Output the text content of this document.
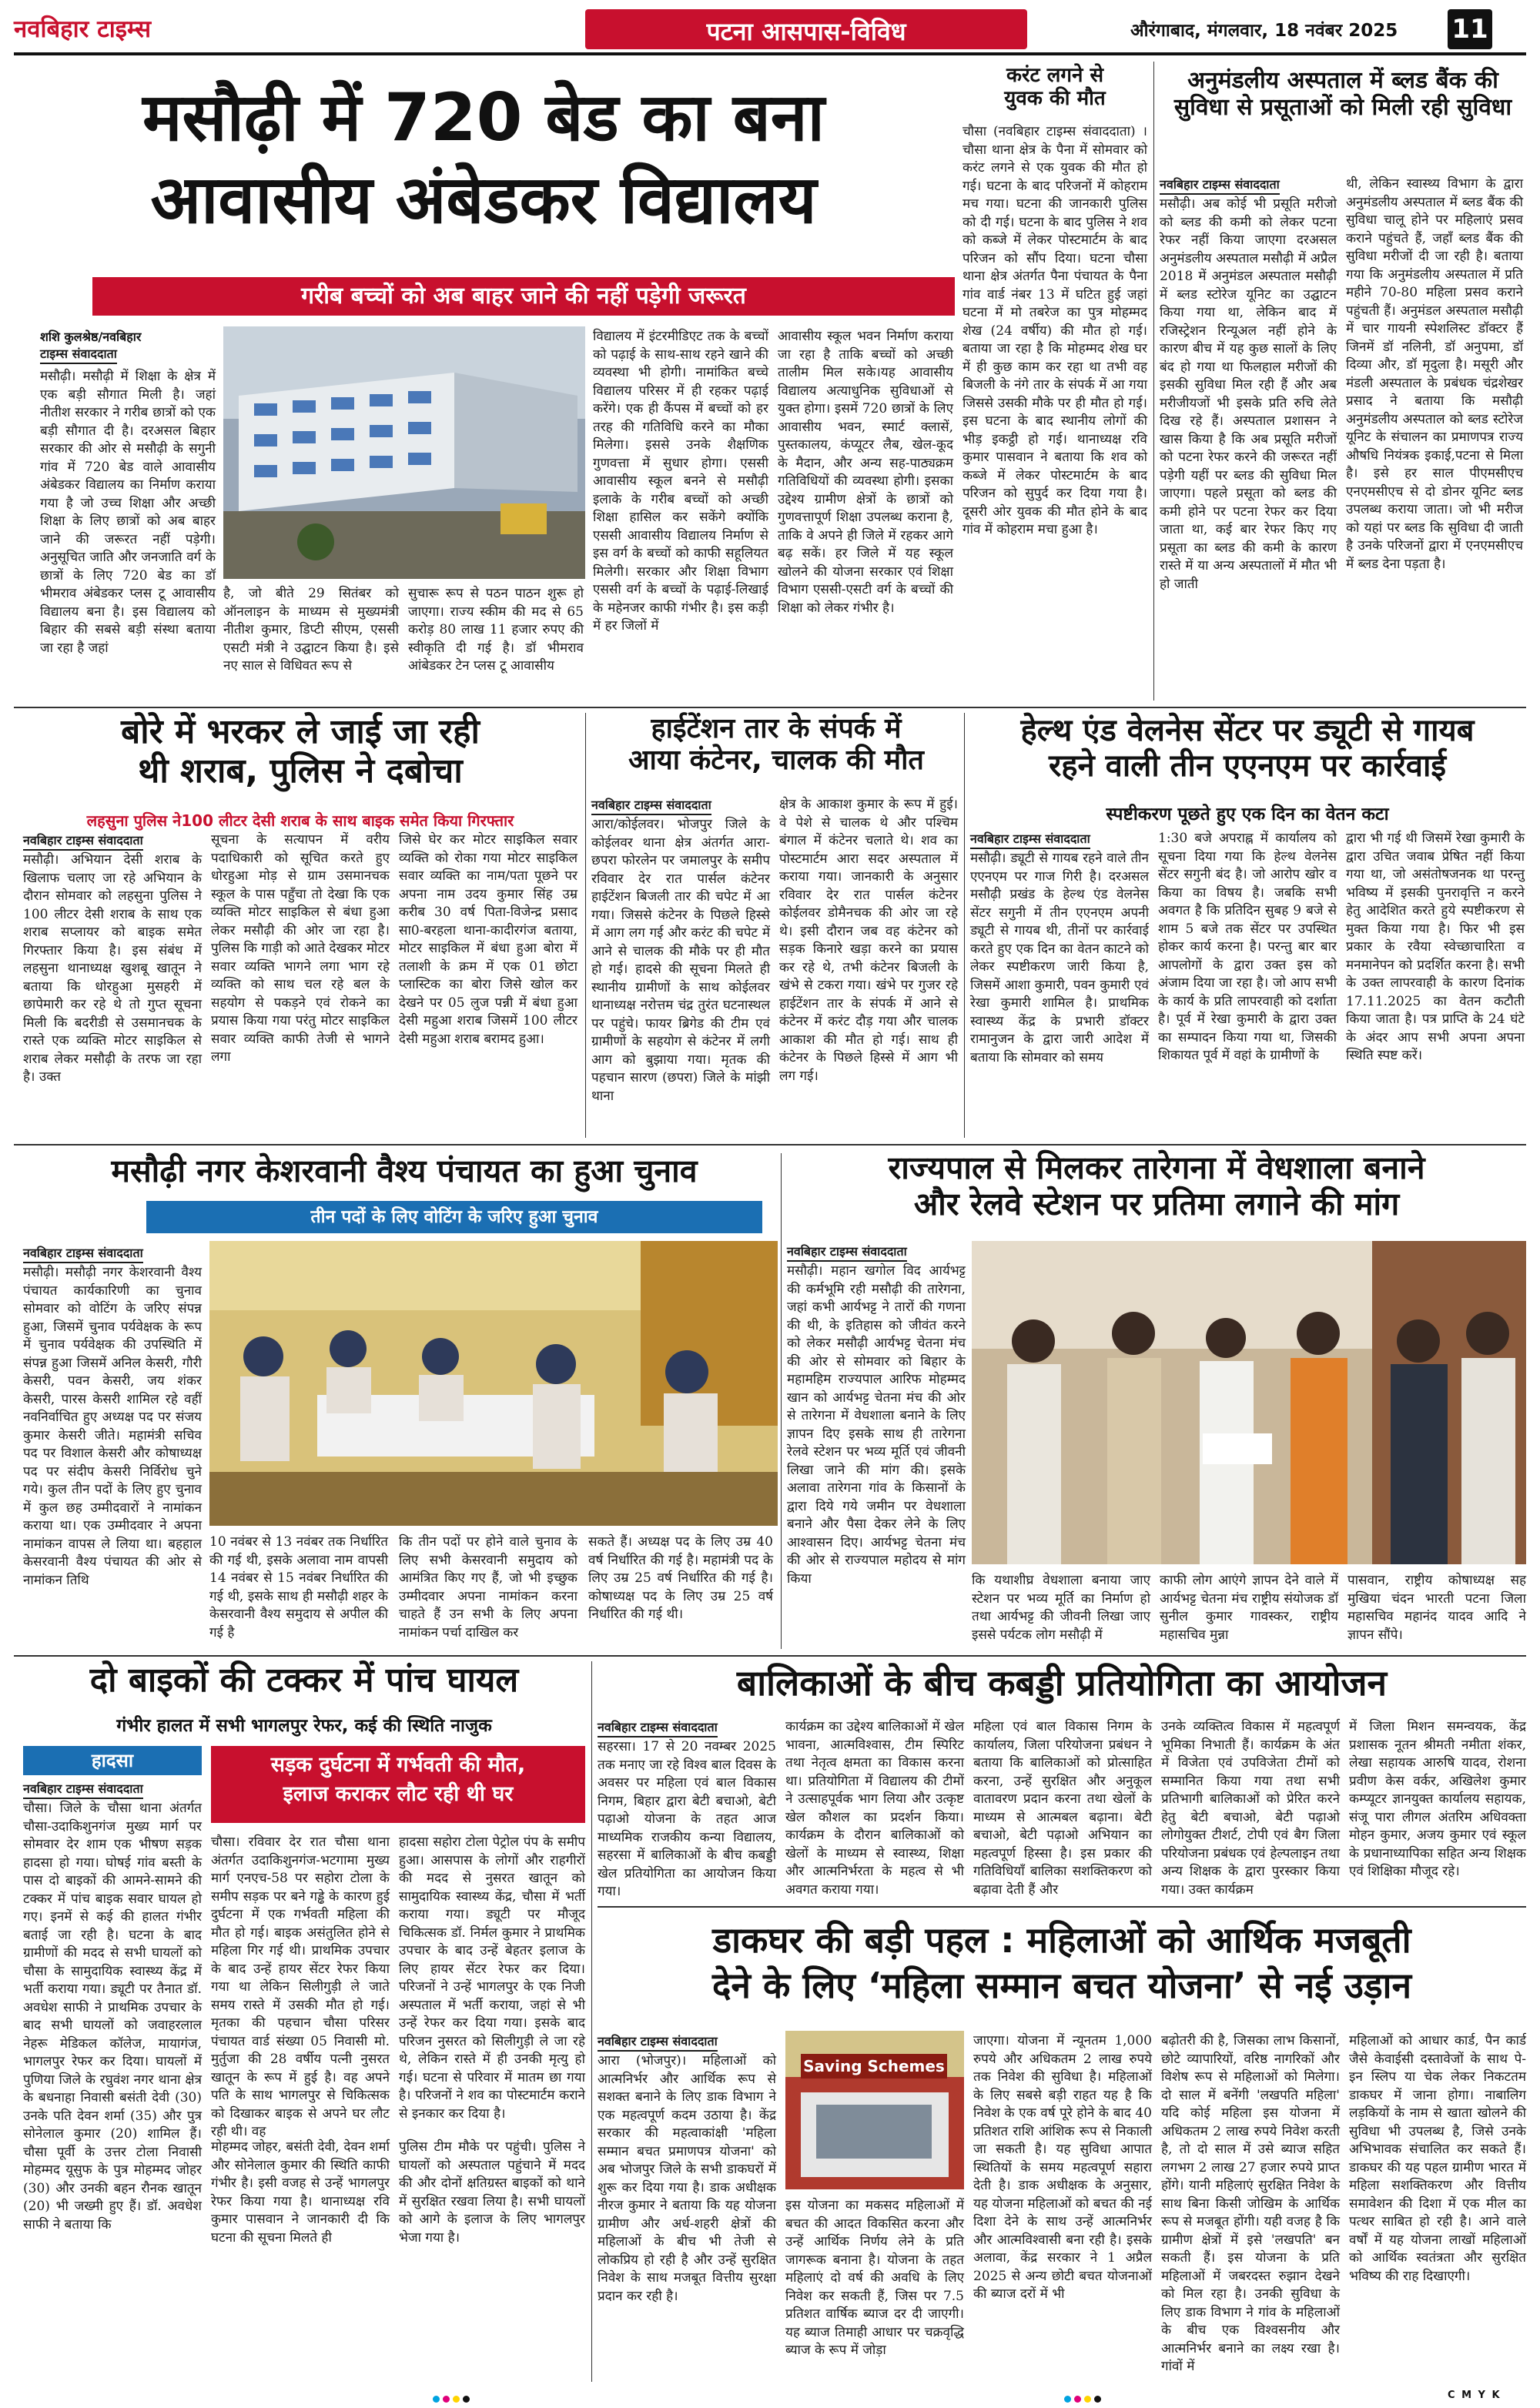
नवबिहार टाइम्स	पटना आसपास-विविध	औरंगाबाद, मंगलवार, 18 नवंबर 2025 11
मसौढ़ी में 720 बेड का बना
आवासीय अंबेडकर विद्यालय
गरीब बच्चों को अब बाहर जाने की नहीं पड़ेगी जरूरत
शशि कुलश्रेष्ठ/नवबिहार
टाइम्स संवाददाता
मसौढ़ी। मसौढ़ी में शिक्षा के क्षेत्र में एक बड़ी सौगात मिली है। जहां नीतीश सरकार ने गरीब छात्रों को एक बड़ी सौगात दी है। दरअसल बिहार सरकार की ओर से मसौढ़ी के सगुनी गांव में 720 बेड वाले आवासीय अंबेडकर विद्यालय का निर्माण कराया गया है जो उच्च शिक्षा और अच्छी शिक्षा के लिए छात्रों को अब बाहर जाने की जरूरत नहीं पड़ेगी। अनुसूचित जाति और जनजाति वर्ग के छात्रों के लिए 720 बेड का डॉ भीमराव अंबेडकर प्लस टू आवासीय विद्यालय बना है। इस विद्यालय को बिहार की सबसे बड़ी संस्था बताया जा रहा है जहां
है, जो बीते 29 सितंबर को ऑनलाइन के माध्यम से मुख्यमंत्री नीतीश कुमार, डिप्टी सीएम, एससी एसटी मंत्री ने उद्घाटन किया है। इसे नए साल से विधिवत रूप से
सुचारू रूप से पठन पाठन शुरू हो जाएगा। राज्य स्कीम की मद से 65 करोड़ 80 लाख 11 हजार रुपए की स्वीकृति दी गई है। डॉ भीमराव आंबेडकर टेन प्लस टू आवासीय
विद्यालय में इंटरमीडिएट तक के बच्चों को पढ़ाई के साथ-साथ रहने खाने की व्यवस्था भी होगी। नामांकित बच्चे विद्यालय परिसर में ही रहकर पढ़ाई करेंगे। एक ही कैंपस में बच्चों को हर तरह की गतिविधि करने का मौका मिलेगा। इससे उनके शैक्षणिक गुणवत्ता में सुधार होगा। एससी आवासीय स्कूल बनने से मसौढ़ी इलाके के गरीब बच्चों को अच्छी शिक्षा हासिल कर सकेंगे क्योंकि एससी आवासीय विद्यालय निर्माण से इस वर्ग के बच्चों को काफी सहूलियत मिलेगी। सरकार और शिक्षा विभाग एससी वर्ग के बच्चों के पढ़ाई-लिखाई के महेनजर काफी गंभीर है। इस कड़ी में हर जिलों में
आवासीय स्कूल भवन निर्माण कराया जा रहा है ताकि बच्चों को अच्छी तालीम मिल सके।यह आवासीय विद्यालय अत्याधुनिक सुविधाओं से युक्त होगा। इसमें 720 छात्रों के लिए आवासीय भवन, स्मार्ट क्लासें, पुस्तकालय, कंप्यूटर लैब, खेल-कूद के मैदान, और अन्य सह-पाठ्यक्रम गतिविधियों की व्यवस्था होगी। इसका उद्देश्य ग्रामीण क्षेत्रों के छात्रों को गुणवत्तापूर्ण शिक्षा उपलब्ध कराना है, ताकि वे अपने ही जिले में रहकर आगे बढ़ सकें। हर जिले में यह स्कूल खोलने की योजना सरकार एवं शिक्षा विभाग एससी-एसटी वर्ग के बच्चों की शिक्षा को लेकर गंभीर है।
करंट लगने से
युवक की मौत
चौसा (नवबिहार टाइम्स संवाददाता) । चौसा थाना क्षेत्र के पैना में सोमवार को करंट लगने से एक युवक की मौत हो गई। घटना के बाद परिजनों में कोहराम मच गया। घटना की जानकारी पुलिस को दी गई। घटना के बाद पुलिस ने शव को कब्जे में लेकर पोस्टमार्टम के बाद परिजन को सौंप दिया। घटना चौसा थाना क्षेत्र अंतर्गत पैना पंचायत के पैना गांव वार्ड नंबर 13 में घटित हुई जहां घटना में मो तबरेज का पुत्र मोहम्मद शेख (24 वर्षीय) की मौत हो गई। बताया जा रहा है कि मोहम्मद शेख घर में ही कुछ काम कर रहा था तभी वह बिजली के नंगे तार के संपर्क में आ गया जिससे उसकी मौके पर ही मौत हो गई। इस घटना के बाद स्थानीय लोगों की भीड़ इकट्ठी हो गई। थानाध्यक्ष रवि कुमार पासवान ने बताया कि शव को कब्जे में लेकर पोस्टमार्टम के बाद परिजन को सुपुर्द कर दिया गया है। दूसरी ओर युवक की मौत होने के बाद गांव में कोहराम मचा हुआ है।
अनुमंडलीय अस्पताल में ब्लड बैंक की
सुविधा से प्रसूताओं को मिली रही सुविधा
नवबिहार टाइम्स संवाददाता
मसौढ़ी। अब कोई भी प्रसूति मरीजो को ब्लड की कमी को लेकर पटना रेफर नहीं किया जाएगा दरअसल अनुमंडलीय अस्पताल मसौढ़ी में अप्रैल 2018 में अनुमंडल अस्पताल मसौढ़ी में ब्लड स्टोरेज यूनिट का उद्घाटन किया गया था, लेकिन बाद में रजिस्ट्रेशन रिन्यूअल नहीं होने के कारण बीच में यह कुछ सालों के लिए बंद हो गया था फिलहाल मरीजों की इसकी सुविधा मिल रही हैं और अब मरीजीयजों भी इसके प्रति रुचि लेते दिख रहे हैं। अस्पताल प्रशासन ने खास किया है कि अब प्रसूति मरीजों को पटना रेफर करने की जरूरत नहीं पड़ेगी यहीं पर ब्लड की सुविधा मिल जाएगा। पहले प्रसूता को ब्लड की कमी होने पर पटना रेफर कर दिया जाता था, कई बार रेफर किए गए प्रसूता का ब्लड की कमी के कारण रास्ते में या अन्य अस्पतालों में मौत भी हो जाती
थी, लेकिन स्वास्थ्य विभाग के द्वारा अनुमंडलीय अस्पताल में ब्लड बैंक की सुविधा चालू होने पर महिलाएं प्रसव कराने पहुंचते हैं, जहाँ ब्लड बैंक की सुविधा मरीजों दी जा रही है। बताया गया कि अनुमंडलीय अस्पताल में प्रति महीने 70-80 महिला प्रसव कराने पहुंचती हैं। अनुमंडल अस्पताल मसौढ़ी में चार गायनी स्पेशलिस्ट डॉक्टर हैं जिनमें डॉ नलिनी, डॉ अनुपमा, डॉ दिव्या और, डॉ मृदुला है। मसूरी और मंडली अस्पताल के प्रबंधक चंद्रशेखर प्रसाद ने बताया कि मसौढ़ी अनुमंडलीय अस्पताल को ब्लड स्टोरेज यूनिट के संचालन का प्रमाणपत्र राज्य औषधि नियंत्रक इकाई,पटना से मिला है। इसे हर साल पीएमसीएच एनएमसीएच से दो डोनर यूनिट ब्लड उपलब्ध कराया जाता। जो भी मरीज को यहां पर ब्लड कि सुविधा दी जाती है उनके परिजनों द्वारा में एनएमसीएच में ब्लड देना पड़ता है।
बोरे में भरकर ले जाई जा रही
थी शराब, पुलिस ने दबोचा
लहसुना पुलिस ने100 लीटर देसी शराब के साथ बाइक समेत किया गिरफ्तार
नवबिहार टाइम्स संवाददाता
मसौढ़ी। अभियान देसी शराब के खिलाफ चलाए जा रहे अभियान के दौरान सोमवार को लहसुना पुलिस ने 100 लीटर देसी शराब के साथ एक शराब सप्लायर को बाइक समेत गिरफ्तार किया है। इस संबंध में लहसुना थानाध्यक्ष खुशबू खातून ने बताया कि धोरहुआ मुसहरी में छापेमारी कर रहे थे तो गुप्त सूचना मिली कि बदरीडी से उसमानचक के रास्ते एक व्यक्ति मोटर साइकिल से शराब लेकर मसौढ़ी के तरफ जा रहा है। उक्त
सूचना के सत्यापन में वरीय पदाधिकारी को सूचित करते हुए धोरहुआ मोड़ से ग्राम उसमानचक स्कूल के पास पहुँचा तो देखा कि एक व्यक्ति मोटर साइकिल से बंधा हुआ लेकर मसौढ़ी की ओर जा रहा है। पुलिस कि गाड़ी को आते देखकर मोटर सवार व्यक्ति भागने लगा भाग रहे व्यक्ति को साथ चल रहे बल के सहयोग से पकड़ने एवं रोकने का प्रयास किया गया परंतु मोटर साइकिल सवार व्यक्ति काफी तेजी से भागने लगा
जिसे घेर कर मोटर साइकिल सवार व्यक्ति को रोका गया मोटर साइकिल सवार व्यक्ति का नाम/पता पूछने पर अपना नाम उदय कुमार सिंह उम्र करीब 30 वर्ष पिता-विजेन्द्र प्रसाद सा0-बरहला थाना-कादीरगंज बताया, मोटर साइकिल में बंधा हुआ बोरा में तलाशी के क्रम में एक 01 छोटा प्लास्टिक का बोरा जिसे खोल कर देखने पर 05 लुज पन्नी में बंधा हुआ देसी महुआ शराब जिसमें 100 लीटर देसी महुआ शराब बरामद हुआ।
हाईटेंशन तार के संपर्क में
आया कंटेनर, चालक की मौत
नवबिहार टाइम्स संवाददाता
आरा/कोईलवर। भोजपुर जिले के कोईलवर थाना क्षेत्र अंतर्गत आरा-छपरा फोरलेन पर जमालपुर के समीप रविवार देर रात पार्सल कंटेनर हाईटेंशन बिजली तार की चपेट में आ गया। जिससे कंटेनर के पिछले हिस्से में आग लग गई और करंट की चपेट में आने से चालक की मौके पर ही मौत हो गई। हादसे की सूचना मिलते ही स्थानीय ग्रामीणों के साथ कोईलवर थानाध्यक्ष नरोत्तम चंद्र तुरंत घटनास्थल पर पहुंचे। फायर ब्रिगेड की टीम एवं ग्रामीणों के सहयोग से कंटेनर में लगी आग को बुझाया गया। मृतक की पहचान सारण (छपरा) जिले के मांझी थाना
क्षेत्र के आकाश कुमार के रूप में हुई। वे पेशे से चालक थे और पश्चिम बंगाल में कंटेनर चलाते थे। शव का पोस्टमार्टम आरा सदर अस्पताल में कराया गया। जानकारी के अनुसार रविवार देर रात पार्सल कंटेनर कोईलवर डोमैनचक की ओर जा रहे थे। इसी दौरान जब वह कंटेनर को सड़क किनारे खड़ा करने का प्रयास कर रहे थे, तभी कंटेनर बिजली के खंभे से टकरा गया। खंभे पर गुजर रहे हाईटेंशन तार के संपर्क में आने से कंटेनर में करंट दौड़ गया और चालक आकाश की मौत हो गई। साथ ही कंटेनर के पिछले हिस्से में आग भी लग गई।
हेल्थ एंड वेलनेस सेंटर पर ड्यूटी से गायब
रहने वाली तीन एएनएम पर कार्रवाई
स्पष्टीकरण पूछते हुए एक दिन का वेतन कटा
नवबिहार टाइम्स संवाददाता
मसौढ़ी। ड्यूटी से गायब रहने वाले तीन एएनएम पर गाज गिरी है। दरअसल मसौढ़ी प्रखंड के हेल्थ एंड वेलनेस सेंटर सगुनी में तीन एएनएम अपनी ड्यूटी से गायब थी, तीनों पर कार्रवाई करते हुए एक दिन का वेतन काटने को लेकर स्पष्टीकरण जारी किया है, जिसमें आशा कुमारी, पवन कुमारी एवं रेखा कुमारी शामिल है। प्राथमिक स्वास्थ्य केंद्र के प्रभारी डॉक्टर रामानुजन के द्वारा जारी आदेश में बताया कि सोमवार को समय
1:30 बजे अपराह्न में कार्यालय को सूचना दिया गया कि हेल्थ वेलनेस सेंटर सगुनी बंद है। जो आरोप खोर व किया का विषय है। जबकि सभी अवगत है कि प्रतिदिन सुबह 9 बजे से शाम 5 बजे तक सेंटर पर उपस्थित होकर कार्य करना है। परन्तु बार बार आपलोगों के द्वारा उक्त इस को अंजाम दिया जा रहा है। जो आप सभी के कार्य के प्रति लापरवाही को दर्शाता है। पूर्व में रेखा कुमारी के द्वारा उक्त का सम्पादन किया गया था, जिसकी शिकायत पूर्व में वहां के ग्रामीणों के
द्वारा भी गई थी जिसमें रेखा कुमारी के द्वारा उचित जवाब प्रेषित नहीं किया गया था, जो असंतोषजनक था परन्तु भविष्य में इसकी पुनरावृत्ति न करने हेतु आदेशित करते हुये स्पष्टीकरण से मुक्त किया गया है। फिर भी इस प्रकार के रवैया स्वेच्छाचारिता व मनमानेपन को प्रदर्शित करना है। सभी के उक्त लापरवाही के कारण दिनांक 17.11.2025 का वेतन कटौती किया जाता है। पत्र प्राप्ति के 24 घंटे के अंदर आप सभी अपना अपना स्थिति स्पष्ट करें।
मसौढ़ी नगर केशरवानी वैश्य पंचायत का हुआ चुनाव
तीन पदों के लिए वोटिंग के जरिए हुआ चुनाव
नवबिहार टाइम्स संवाददाता
मसौढ़ी। मसौढ़ी नगर केशरवानी वैश्य पंचायत कार्यकारिणी का चुनाव सोमवार को वोटिंग के जरिए संपन्न हुआ, जिसमें चुनाव पर्यवेक्षक के रूप में चुनाव पर्यवेक्षक की उपस्थिति में संपन्न हुआ जिसमें अनिल केसरी, गौरी केसरी, पवन केसरी, जय शंकर केसरी, पारस केसरी शामिल रहे वहीं नवनिर्वाचित हुए अध्यक्ष पद पर संजय कुमार केसरी जीते। महामंत्री सचिव पद पर विशाल केसरी और कोषाध्यक्ष पद पर संदीप केसरी निर्विरोध चुने गये। कुल तीन पदों के लिए हुए चुनाव में कुल छह उम्मीदवारों ने नामांकन कराया था। एक उम्मीदवार ने अपना नामांकन वापस ले लिया था। बहहाल केसरवानी वैश्य पंचायत की ओर से नामांकन तिथि
10 नवंबर से 13 नवंबर तक निर्धारित की गई थी, इसके अलावा नाम वापसी 14 नवंबर से 15 नवंबर निर्धारित की गई थी, इसके साथ ही मसौढ़ी शहर के केसरवानी वैश्य समुदाय से अपील की गई है
कि तीन पदों पर होने वाले चुनाव के लिए सभी केसरवानी समुदाय को आमंत्रित किए गए हैं, जो भी इच्छुक उम्मीदवार अपना नामांकन करना चाहते हैं उन सभी के लिए अपना नामांकन पर्चा दाखिल कर
सकते हैं। अध्यक्ष पद के लिए उम्र 40 वर्ष निर्धारित की गई है। महामंत्री पद के लिए उम्र 25 वर्ष निर्धारित की गई है। कोषाध्यक्ष पद के लिए उम्र 25 वर्ष निर्धारित की गई थी।
राज्यपाल से मिलकर तारेगना में वेधशाला बनाने
और रेलवे स्टेशन पर प्रतिमा लगाने की मांग
नवबिहार टाइम्स संवाददाता
मसौढ़ी। महान खगोल विद आर्यभट्ट की कर्मभूमि रही मसौढ़ी की तारेगना, जहां कभी आर्यभट्ट ने तारों की गणना की थी, के इतिहास को जीवंत करने को लेकर मसौढ़ी आर्यभट्ट चेतना मंच की ओर से सोमवार को बिहार के महामहिम राज्यपाल आरिफ मोहम्मद खान को आर्यभट्ट चेतना मंच की ओर से तारेगना में वेधशाला बनाने के लिए ज्ञापन दिए इसके साथ ही तारेगना रेलवे स्टेशन पर भव्य मूर्ति एवं जीवनी लिखा जाने की मांग की। इसके अलावा तारेगना गांव के किसानों के द्वारा दिये गये जमीन पर वेधशाला बनाने और पैसा देकर लेने के लिए आश्वासन दिए। आर्यभट्ट चेतना मंच की ओर से राज्यपाल महोदय से मांग किया	कि यथाशीघ्र वेधशाला बनाया जाए स्टेशन पर भव्य मूर्ति का निर्माण हो तथा आर्यभट्ट की जीवनी लिखा जाए इससे पर्यटक लोग मसौढ़ी में
काफी लोग आएंगे ज्ञापन देने वाले में आर्यभट्ट चेतना मंच राष्ट्रीय संयोजक डॉ सुनील कुमार गावस्कर, राष्ट्रीय महासचिव मुन्ना
पासवान, राष्ट्रीय कोषाध्यक्ष सह मुखिया चंदन भारती पटना जिला महासचिव महानंद यादव आदि ने ज्ञापन सौंपे।
दो बाइकों की टक्कर में पांच घायल
गंभीर हालत में सभी भागलपुर रेफर, कई की स्थिति नाजुक
हादसा
नवबिहार टाइम्स संवाददाता
चौसा। जिले के चौसा थाना अंतर्गत चौसा-उदाकिशुनगंज मुख्य मार्ग पर सोमवार देर शाम एक भीषण सड़क हादसा हो गया। घोषई गांव बस्ती के पास दो बाइकों की आमने-सामने की टक्कर में पांच बाइक सवार घायल हो गए। इनमें से कई की हालत गंभीर बताई जा रही है। घटना के बाद ग्रामीणों की मदद से सभी घायलों को चौसा के सामुदायिक स्वास्थ्य केंद्र में भर्ती कराया गया। ड्यूटी पर तैनात डॉ. अवधेश साफी ने प्राथमिक उपचार के बाद सभी घायलों को जवाहरलाल नेहरू मेडिकल कॉलेज, मायागंज, भागलपुर रेफर कर दिया। घायलों में पुणिया जिले के रघुवंश नगर थाना क्षेत्र के बधनाहा निवासी बसंती देवी (30) उनके पति देवन शर्मा (35) और पुत्र सोनेलाल कुमार (20) शामिल हैं। चौसा पूर्वी के उत्तर टोला निवासी मोहम्मद यूसुफ के पुत्र मोहम्मद जोहर (30) और उनकी बहन रौनक खातून (20) भी जख्मी हुए हैं। डॉ. अवधेश साफी ने बताया कि
सड़क दुर्घटना में गर्भवती की मौत,
इलाज कराकर लौट रही थी घर
चौसा। रविवार देर रात चौसा थाना अंतर्गत उदाकिशुनगंज-भटगामा मुख्य मार्ग एनएच-58 पर सहोरा टोला के समीप सड़क पर बने गड्ढे के कारण हुई दुर्घटना में एक गर्भवती महिला की मौत हो गई। बाइक असंतुलित होने से महिला गिर गई थी। प्राथमिक उपचार के बाद उन्हें हायर सेंटर रेफर किया गया था लेकिन सिलीगुड़ी ले जाते समय रास्ते में उसकी मौत हो गई। मृतका की पहचान चौसा परिसर पंचायत वार्ड संख्या 05 निवासी मो. मुर्तुजा की 28 वर्षीय पत्नी नुसरत खातून के रूप में हुई है। वह अपने पति के साथ भागलपुर से चिकित्सक को दिखाकर बाइक से अपने घर लौट रही थी। वह
हादसा सहोरा टोला पेट्रोल पंप के समीप हुआ। आसपास के लोगों और राहगीरों की मदद से नुसरत खातून को सामुदायिक स्वास्थ्य केंद्र, चौसा में भर्ती कराया गया। ड्यूटी पर मौजूद चिकित्सक डॉ. निर्मल कुमार ने प्राथमिक उपचार के बाद उन्हें बेहतर इलाज के लिए हायर सेंटर रेफर कर दिया। परिजनों ने उन्हें भागलपुर के एक निजी अस्पताल में भर्ती कराया, जहां से भी उन्हें रेफर कर दिया गया। इसके बाद परिजन नुसरत को सिलीगुड़ी ले जा रहे थे, लेकिन रास्ते में ही उनकी मृत्यु हो गई। घटना से परिवार में मातम छा गया है। परिजनों ने शव का पोस्टमार्टम कराने से इनकार कर दिया है।
मोहम्मद जोहर, बसंती देवी, देवन शर्मा और सोनेलाल कुमार की स्थिति काफी गंभीर है। इसी वजह से उन्हें भागलपुर रेफर किया गया है। थानाध्यक्ष रवि कुमार पासवान ने जानकारी दी कि घटना की सूचना मिलते ही
पुलिस टीम मौके पर पहुंची। पुलिस ने घायलों को अस्पताल पहुंचाने में मदद की और दोनों क्षतिग्रस्त बाइकों को थाने में सुरक्षित रखवा लिया है। सभी घायलों को आगे के इलाज के लिए भागलपुर भेजा गया है।
बालिकाओं के बीच कबड्डी प्रतियोगिता का आयोजन
नवबिहार टाइम्स संवाददाता
सहरसा। 17 से 20 नवम्बर 2025 तक मनाए जा रहे विश्व बाल दिवस के अवसर पर महिला एवं बाल विकास निगम, बिहार द्वारा बेटी बचाओ, बेटी पढ़ाओ योजना के तहत आज माध्यमिक राजकीय कन्या विद्यालय, सहरसा में बालिकाओं के बीच कबड्डी खेल प्रतियोगिता का आयोजन किया गया।
कार्यक्रम का उद्देश्य बालिकाओं में खेल भावना, आत्मविश्वास, टीम स्पिरिट तथा नेतृत्व क्षमता का विकास करना था। प्रतियोगिता में विद्यालय की टीमों ने उत्साहपूर्वक भाग लिया और उत्कृष्ट खेल कौशल का प्रदर्शन किया। कार्यक्रम के दौरान बालिकाओं को खेलों के माध्यम से स्वास्थ्य, शिक्षा और आत्मनिर्भरता के महत्व से भी अवगत कराया गया।
महिला एवं बाल विकास निगम के कार्यालय, जिला परियोजना प्रबंधन ने बताया कि बालिकाओं को प्रोत्साहित करना, उन्हें सुरक्षित और अनुकूल वातावरण प्रदान करना तथा खेलों के माध्यम से आत्मबल बढ़ाना। बेटी बचाओ, बेटी पढ़ाओ अभियान का महत्वपूर्ण हिस्सा है। इस प्रकार की गतिविधियाँ बालिका सशक्तिकरण को बढ़ावा देती हैं और
उनके व्यक्तित्व विकास में महत्वपूर्ण भूमिका निभाती हैं। कार्यक्रम के अंत में विजेता एवं उपविजेता टीमों को सम्मानित किया गया तथा सभी प्रतिभागी बालिकाओं को प्रेरित करने हेतु बेटी बचाओ, बेटी पढ़ाओ लोगोयुक्त टीशर्ट, टोपी एवं बैग जिला परियोजना प्रबंधक एवं हेल्पलाइन तथा अन्य शिक्षक के द्वारा पुरस्कार किया गया। उक्त कार्यक्रम
में जिला मिशन समन्वयक, केंद्र प्रशासक नूतन श्रीमती नमीता शंकर, लेखा सहायक आरुषि यादव, रोशना प्रवीण केस वर्कर, अखिलेश कुमार कम्प्यूटर ज्ञानयुक्त कार्यालय सहायक, संजू पारा लीगल अंतरिम अधिवक्ता मोहन कुमार, अजय कुमार एवं स्कूल के प्रधानाध्यापिका सहित अन्य शिक्षक एवं शिक्षिका मौजूद रहे।
डाकघर की बड़ी पहल : महिलाओं को आर्थिक मजबूती
देने के लिए ‘महिला सम्मान बचत योजना’ से नई उड़ान
नवबिहार टाइम्स संवाददाता
आरा (भोजपुर)। महिलाओं को आत्मनिर्भर और आर्थिक रूप से सशक्त बनाने के लिए डाक विभाग ने एक महत्वपूर्ण कदम उठाया है। केंद्र सरकार की महत्वाकांक्षी 'महिला सम्मान बचत प्रमाणपत्र योजना' को अब भोजपुर जिले के सभी डाकघरों में शुरू कर दिया गया है। डाक अधीक्षक नीरज कुमार ने बताया कि यह योजना ग्रामीण और अर्ध-शहरी क्षेत्रों की महिलाओं के बीच भी तेजी से लोकप्रिय हो रही है और उन्हें सुरक्षित निवेश के साथ मजबूत वित्तीय सुरक्षा प्रदान कर रही है।
Saving Schemes
इस योजना का मकसद महिलाओं में बचत की आदत विकसित करना और उन्हें आर्थिक निर्णय लेने के प्रति जागरूक बनाना है। योजना के तहत महिलाएं दो वर्ष की अवधि के लिए निवेश कर सकती हैं, जिस पर 7.5 प्रतिशत वार्षिक ब्याज दर दी जाएगी। यह ब्याज तिमाही आधार पर चक्रवृद्धि ब्याज के रूप में जोड़ा
जाएगा। योजना में न्यूनतम 1,000 रुपये और अधिकतम 2 लाख रुपये तक निवेश की सुविधा है। महिलाओं के लिए सबसे बड़ी राहत यह है कि निवेश के एक वर्ष पूरे होने के बाद 40 प्रतिशत राशि आंशिक रूप से निकाली जा सकती है। यह सुविधा आपात स्थितियों के समय महत्वपूर्ण सहारा देती है। डाक अधीक्षक के अनुसार, यह योजना महिलाओं को बचत की नई दिशा देने के साथ उन्हें आत्मनिर्भर और आत्मविश्वासी बना रही है। इसके अलावा, केंद्र सरकार ने 1 अप्रैल 2025 से अन्य छोटी बचत योजनाओं की ब्याज दरों में भी
बढ़ोतरी की है, जिसका लाभ किसानों, छोटे व्यापारियों, वरिष्ठ नागरिकों और विशेष रूप से महिलाओं को मिलेगा। दो साल में बनेंगी 'लखपति महिला' यदि कोई महिला इस योजना में अधिकतम 2 लाख रुपये निवेश करती है, तो दो साल में उसे ब्याज सहित लगभग 2 लाख 27 हजार रुपये प्राप्त होंगे। यानी महिलाएं सुरक्षित निवेश के साथ बिना किसी जोखिम के आर्थिक रूप से मजबूत होंगी। यही वजह है कि ग्रामीण क्षेत्रों में इसे 'लखपति' बन सकती हैं। इस योजना के प्रति महिलाओं में जबरदस्त रुझान देखने को मिल रहा है। उनकी सुविधा के लिए डाक विभाग ने गांव के महिलाओं के बीच एक विश्वसनीय और आत्मनिर्भर बनाने का लक्ष्य रखा है। गांवों में
महिलाओं को आधार कार्ड, पैन कार्ड जैसे केवाईसी दस्तावेजों के साथ पे-इन स्लिप या चेक लेकर निकटतम डाकघर में जाना होगा। नाबालिग लड़कियों के नाम से खाता खोलने की सुविधा भी उपलब्ध है, जिसे उनके अभिभावक संचालित कर सकते हैं। डाकघर की यह पहल ग्रामीण भारत में महिला सशक्तिकरण और वित्तीय समावेशन की दिशा में एक मील का पत्थर साबित हो रही है। आने वाले वर्षों में यह योजना लाखों महिलाओं को आर्थिक स्वतंत्रता और सुरक्षित भविष्य की राह दिखाएगी।
C M Y K
